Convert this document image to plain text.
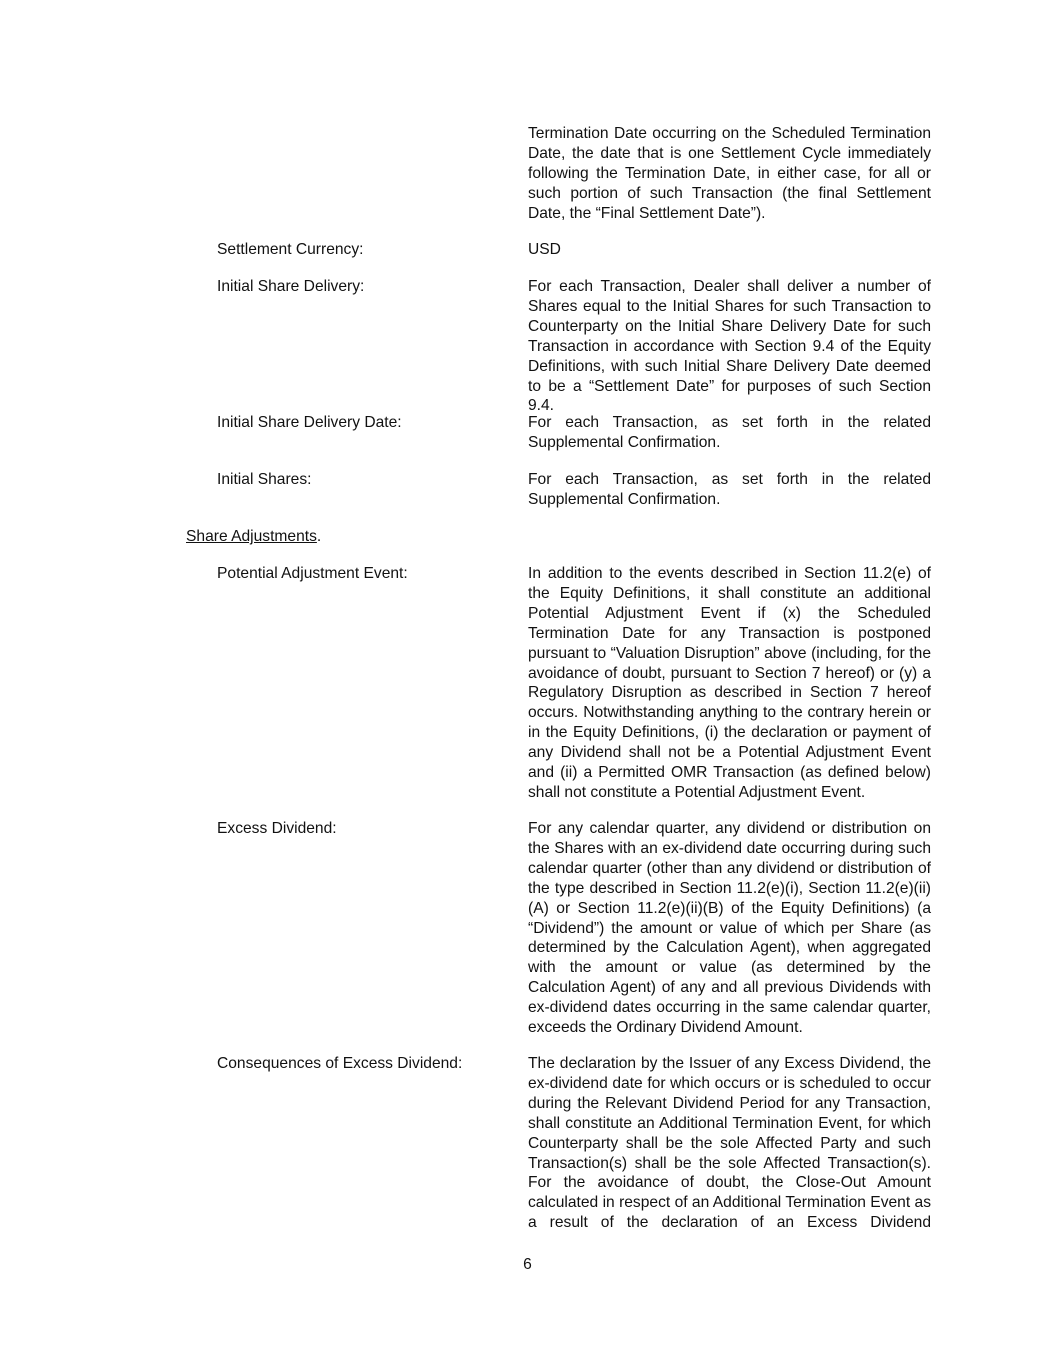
Termination Date occurring on the Scheduled Termination Date, the date that is one Settlement Cycle immediately following the Termination Date, in either case, for all or such portion of such Transaction (the final Settlement Date, the “Final Settlement Date”).
Settlement Currency:	USD
Initial Share Delivery:	For each Transaction, Dealer shall deliver a number of Shares equal to the Initial Shares for such Transaction to Counterparty on the Initial Share Delivery Date for such Transaction in accordance with Section 9.4 of the Equity Definitions, with such Initial Share Delivery Date deemed to be a “Settlement Date” for purposes of such Section 9.4.
Initial Share Delivery Date:	For each Transaction, as set forth in the related Supplemental Confirmation.
Initial Shares:	For each Transaction, as set forth in the related Supplemental Confirmation.
Share Adjustments.
Potential Adjustment Event:	In addition to the events described in Section 11.2(e) of the Equity Definitions, it shall constitute an additional Potential Adjustment Event if (x) the Scheduled Termination Date for any Transaction is postponed pursuant to “Valuation Disruption” above (including, for the avoidance of doubt, pursuant to Section 7 hereof) or (y) a Regulatory Disruption as described in Section 7 hereof occurs. Notwithstanding anything to the contrary herein or in the Equity Definitions, (i) the declaration or payment of any Dividend shall not be a Potential Adjustment Event and (ii) a Permitted OMR Transaction (as defined below) shall not constitute a Potential Adjustment Event.
Excess Dividend:	For any calendar quarter, any dividend or distribution on the Shares with an ex-dividend date occurring during such calendar quarter (other than any dividend or distribution of the type described in Section 11.2(e)(i), Section 11.2(e)(ii)(A) or Section 11.2(e)(ii)(B) of the Equity Definitions) (a “Dividend”) the amount or value of which per Share (as determined by the Calculation Agent), when aggregated with the amount or value (as determined by the Calculation Agent) of any and all previous Dividends with ex-dividend dates occurring in the same calendar quarter, exceeds the Ordinary Dividend Amount.
Consequences of Excess Dividend:	The declaration by the Issuer of any Excess Dividend, the ex-dividend date for which occurs or is scheduled to occur during the Relevant Dividend Period for any Transaction, shall constitute an Additional Termination Event, for which Counterparty shall be the sole Affected Party and such Transaction(s) shall be the sole Affected Transaction(s). For the avoidance of doubt, the Close-Out Amount calculated in respect of an Additional Termination Event as a result of the declaration of an Excess Dividend
6
